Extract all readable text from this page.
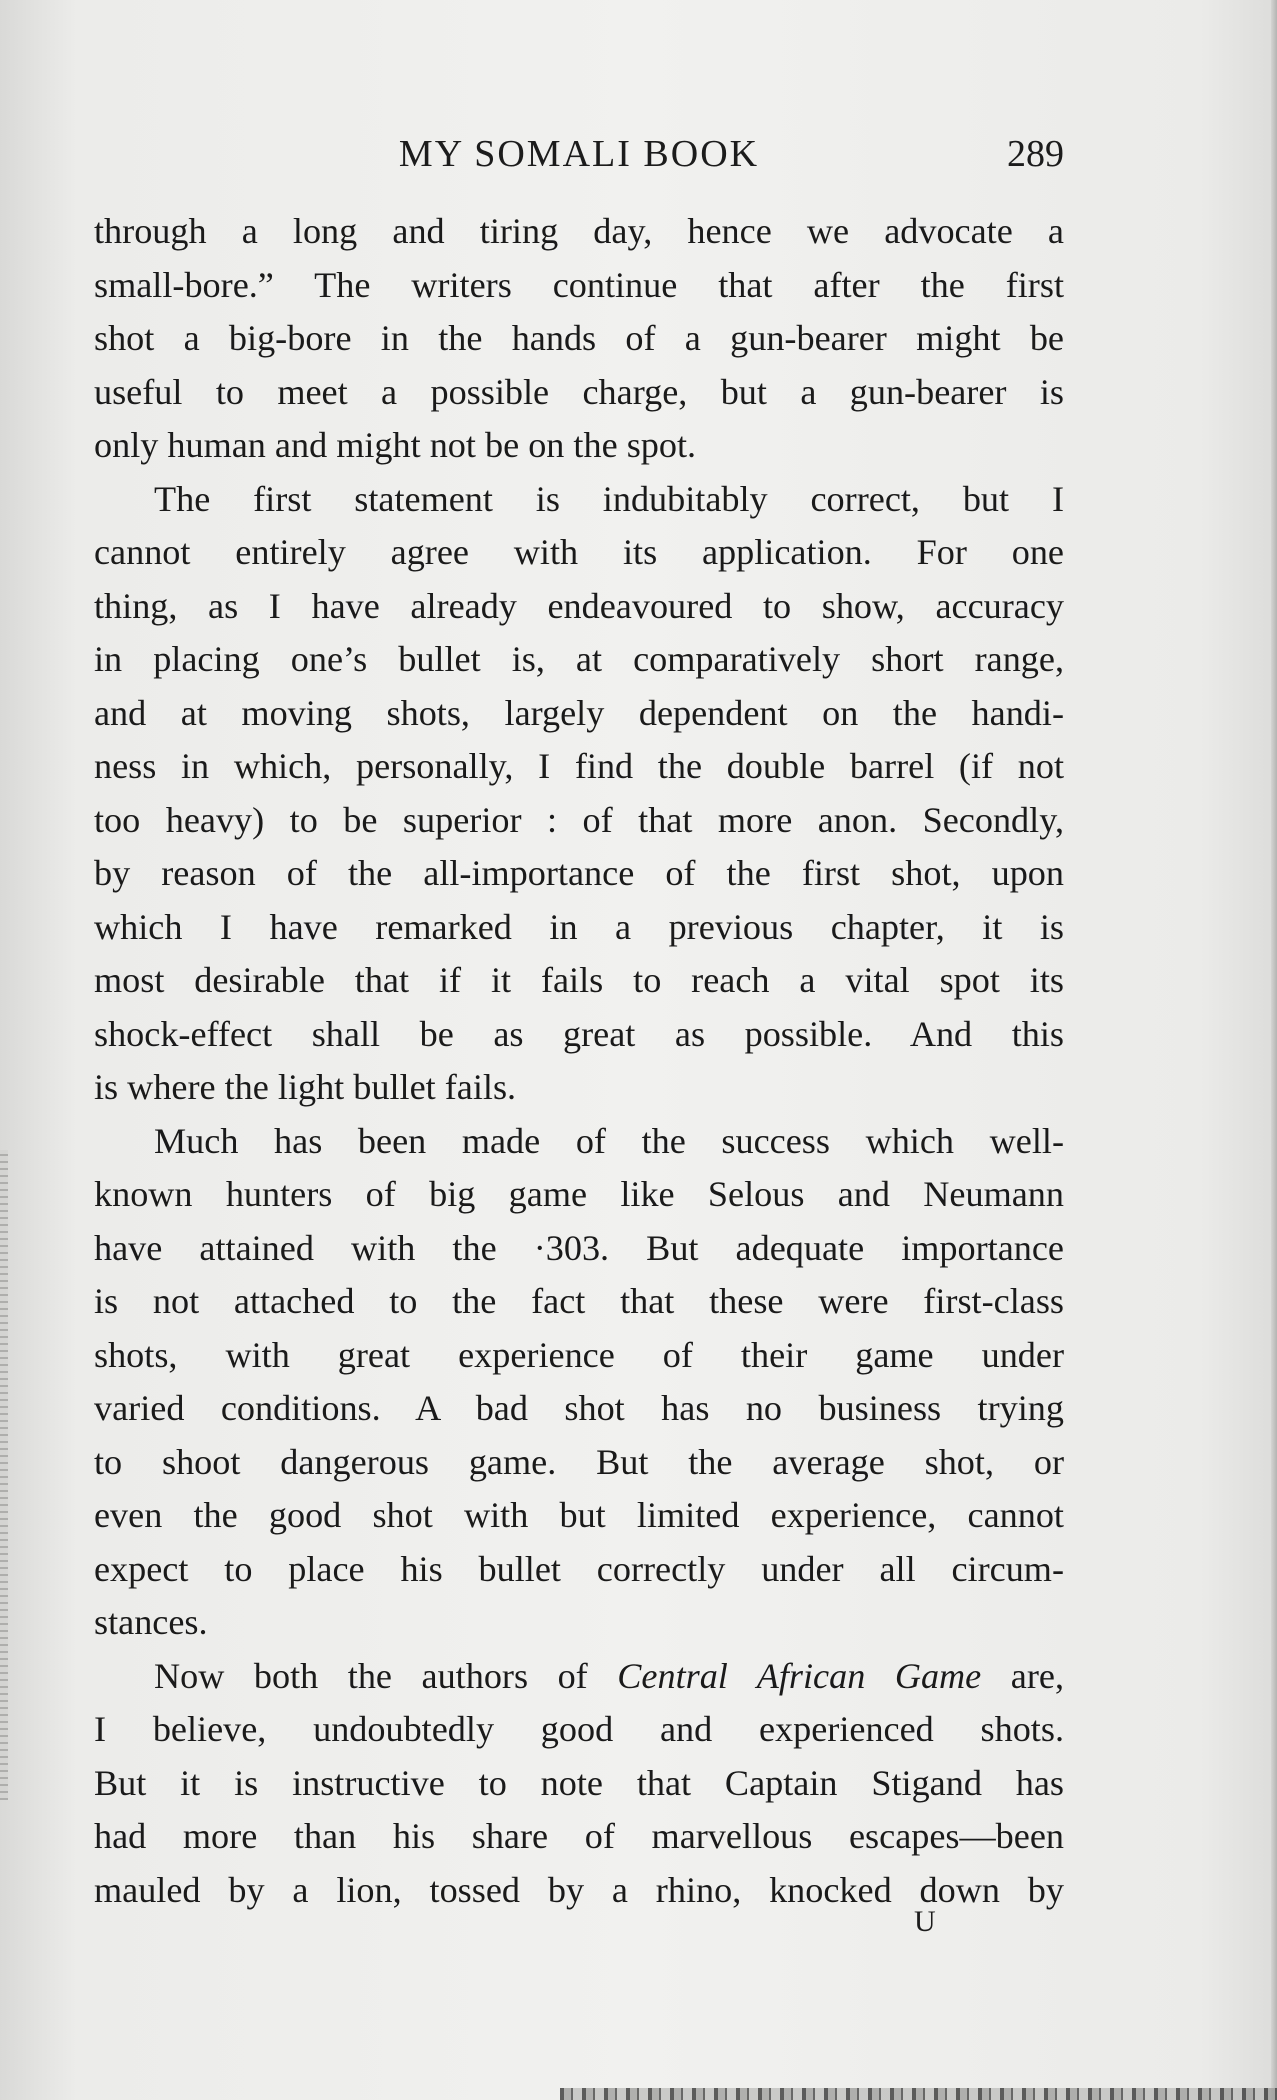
MY SOMALI BOOK	289
through a long and tiring day, hence we advocate a
small-bore.” The writers continue that after the first
shot a big-bore in the hands of a gun-bearer might be
useful to meet a possible charge, but a gun-bearer is
only human and might not be on the spot.
The first statement is indubitably correct, but I
cannot entirely agree with its application. For one
thing, as I have already endeavoured to show, accuracy
in placing one’s bullet is, at comparatively short range,
and at moving shots, largely dependent on the handi-
ness in which, personally, I find the double barrel (if not
too heavy) to be superior : of that more anon. Secondly,
by reason of the all-importance of the first shot, upon
which I have remarked in a previous chapter, it is
most desirable that if it fails to reach a vital spot its
shock-effect shall be as great as possible. And this
is where the light bullet fails.
Much has been made of the success which well-
known hunters of big game like Selous and Neumann
have attained with the ·303. But adequate importance
is not attached to the fact that these were first-class
shots, with great experience of their game under
varied conditions. A bad shot has no business trying
to shoot dangerous game. But the average shot, or
even the good shot with but limited experience, cannot
expect to place his bullet correctly under all circum-
stances.
Now both the authors of Central African Game are,
I believe, undoubtedly good and experienced shots.
But it is instructive to note that Captain Stigand has
had more than his share of marvellous escapes—been
mauled by a lion, tossed by a rhino, knocked down by
U
